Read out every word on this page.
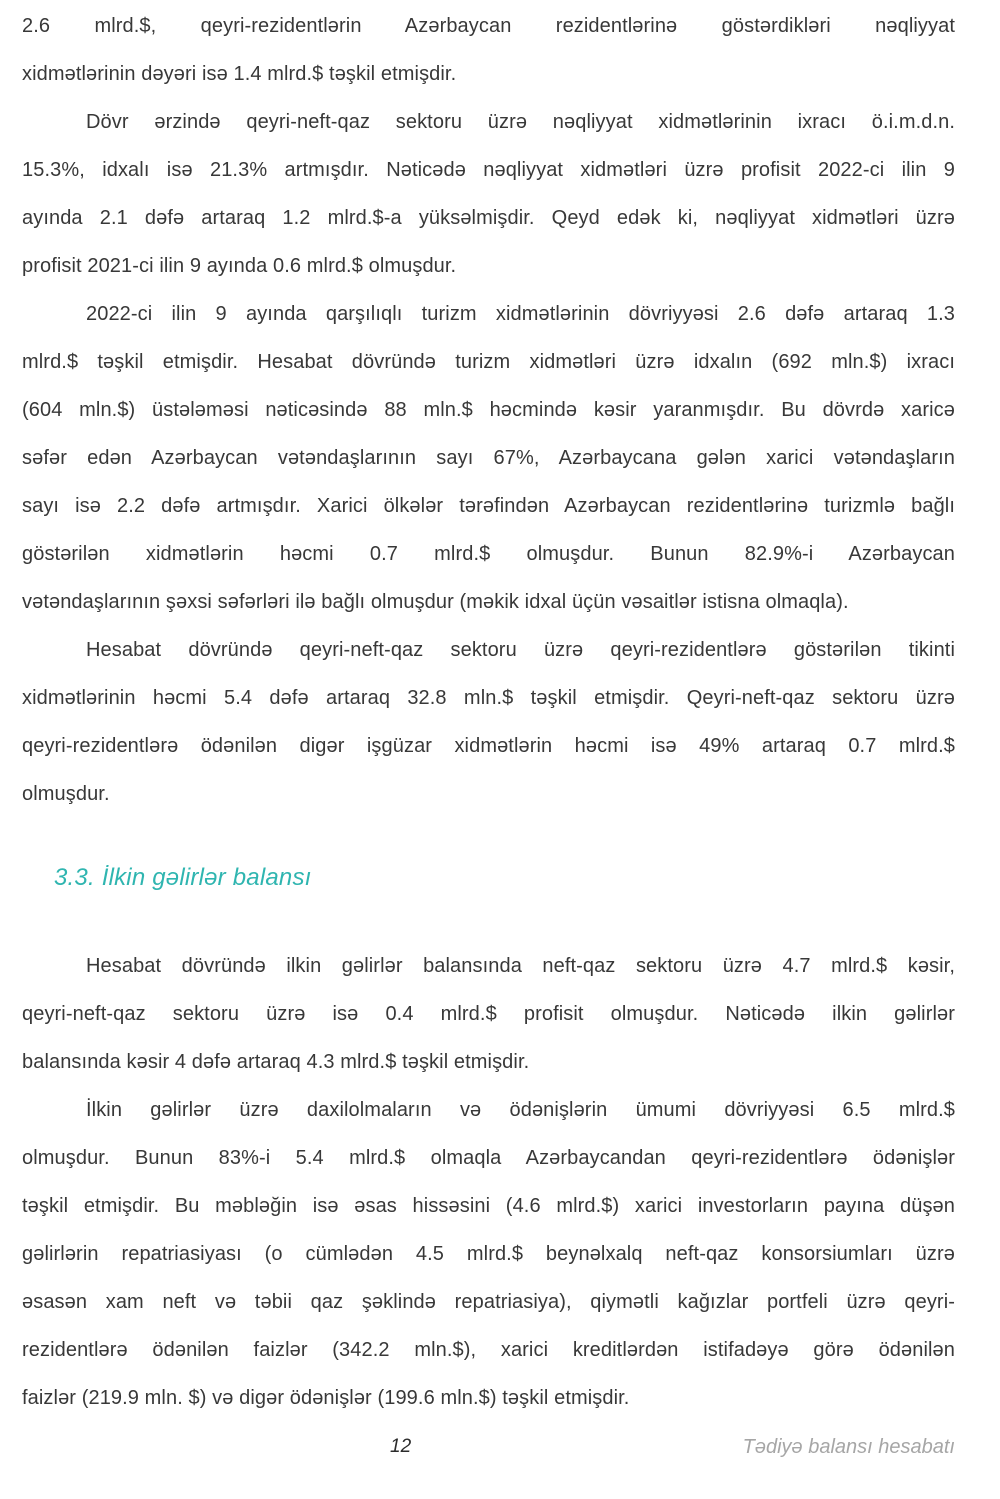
2.6 mlrd.$, qeyri-rezidentlərin Azərbaycan rezidentlərinə göstərdikləri nəqliyyat
xidmətlərinin dəyəri isə 1.4 mlrd.$ təşkil etmişdir.
Dövr ərzində qeyri-neft-qaz sektoru üzrə nəqliyyat xidmətlərinin ixracı ö.i.m.d.n.
15.3%, idxalı isə 21.3% artmışdır. Nəticədə nəqliyyat xidmətləri üzrə profisit 2022-ci ilin 9
ayında 2.1 dəfə artaraq 1.2 mlrd.$-a yüksəlmişdir. Qeyd edək ki, nəqliyyat xidmətləri üzrə
profisit 2021-ci ilin 9 ayında 0.6 mlrd.$ olmuşdur.
2022-ci ilin 9 ayında qarşılıqlı turizm xidmətlərinin dövriyyəsi 2.6 dəfə artaraq 1.3
mlrd.$ təşkil etmişdir. Hesabat dövründə turizm xidmətləri üzrə idxalın (692 mln.$) ixracı
(604 mln.$) üstələməsi nəticəsində 88 mln.$ həcmində kəsir yaranmışdır. Bu dövrdə xaricə
səfər edən Azərbaycan vətəndaşlarının sayı 67%, Azərbaycana gələn xarici vətəndaşların
sayı isə 2.2 dəfə artmışdır. Xarici ölkələr tərəfindən Azərbaycan rezidentlərinə turizmlə bağlı
göstərilən xidmətlərin həcmi 0.7 mlrd.$ olmuşdur. Bunun 82.9%-i Azərbaycan
vətəndaşlarının şəxsi səfərləri ilə bağlı olmuşdur (məkik idxal üçün vəsaitlər istisna olmaqla).
Hesabat dövründə qeyri-neft-qaz sektoru üzrə qeyri-rezidentlərə göstərilən tikinti
xidmətlərinin həcmi 5.4 dəfə artaraq 32.8 mln.$ təşkil etmişdir. Qeyri-neft-qaz sektoru üzrə
qeyri-rezidentlərə ödənilən digər işgüzar xidmətlərin həcmi isə 49% artaraq 0.7 mlrd.$
olmuşdur.
3.3. İlkin gəlirlər balansı
Hesabat dövründə ilkin gəlirlər balansında neft-qaz sektoru üzrə 4.7 mlrd.$ kəsir,
qeyri-neft-qaz sektoru üzrə isə 0.4 mlrd.$ profisit olmuşdur. Nəticədə ilkin gəlirlər
balansında kəsir 4 dəfə artaraq 4.3 mlrd.$ təşkil etmişdir.
İlkin gəlirlər üzrə daxilolmaların və ödənişlərin ümumi dövriyyəsi 6.5 mlrd.$
olmuşdur. Bunun 83%-i 5.4 mlrd.$ olmaqla Azərbaycandan qeyri-rezidentlərə ödənişlər
təşkil etmişdir. Bu məbləğin isə əsas hissəsini (4.6 mlrd.$) xarici investorların payına düşən
gəlirlərin repatriasiyası (o cümlədən 4.5 mlrd.$ beynəlxalq neft-qaz konsorsiumları üzrə
əsasən xam neft və təbii qaz şəklində repatriasiya), qiymətli kağızlar portfeli üzrə qeyri-
rezidentlərə ödənilən faizlər (342.2 mln.$), xarici kreditlərdən istifadəyə görə ödənilən
faizlər (219.9 mln. $) və digər ödənişlər (199.6 mln.$) təşkil etmişdir.
12	Tədiyə balansı hesabatı
